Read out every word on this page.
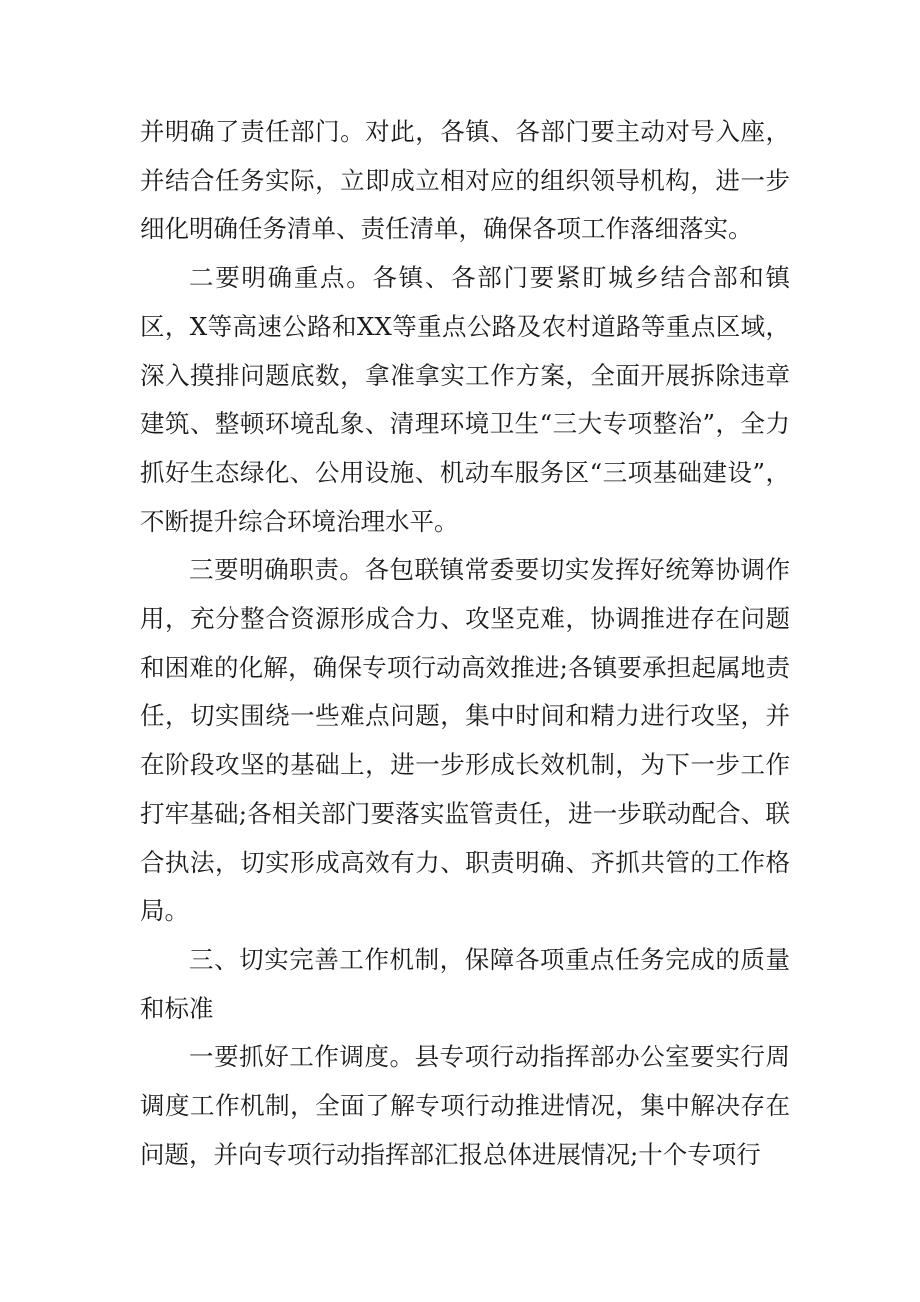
并明确了责任部门。对此，各镇、各部门要主动对号入座，并结合任务实际，立即成立相对应的组织领导机构，进一步细化明确任务清单、责任清单，确保各项工作落细落实。

二要明确重点。各镇、各部门要紧盯城乡结合部和镇区，X等高速公路和XX等重点公路及农村道路等重点区域，深入摸排问题底数，拿准拿实工作方案，全面开展拆除违章建筑、整顿环境乱象、清理环境卫生“三大专项整治”，全力抓好生态绿化、公用设施、机动车服务区“三项基础建设”，不断提升综合环境治理水平。

三要明确职责。各包联镇常委要切实发挥好统筹协调作用，充分整合资源形成合力、攻坚克难，协调推进存在问题和困难的化解，确保专项行动高效推进;各镇要承担起属地责任，切实围绕一些难点问题，集中时间和精力进行攻坚，并在阶段攻坚的基础上，进一步形成长效机制，为下一步工作打牢基础;各相关部门要落实监管责任，进一步联动配合、联合执法，切实形成高效有力、职责明确、齐抓共管的工作格局。

三、切实完善工作机制，保障各项重点任务完成的质量和标准

一要抓好工作调度。县专项行动指挥部办公室要实行周调度工作机制，全面了解专项行动推进情况，集中解决存在问题，并向专项行动指挥部汇报总体进展情况;十个专项行
